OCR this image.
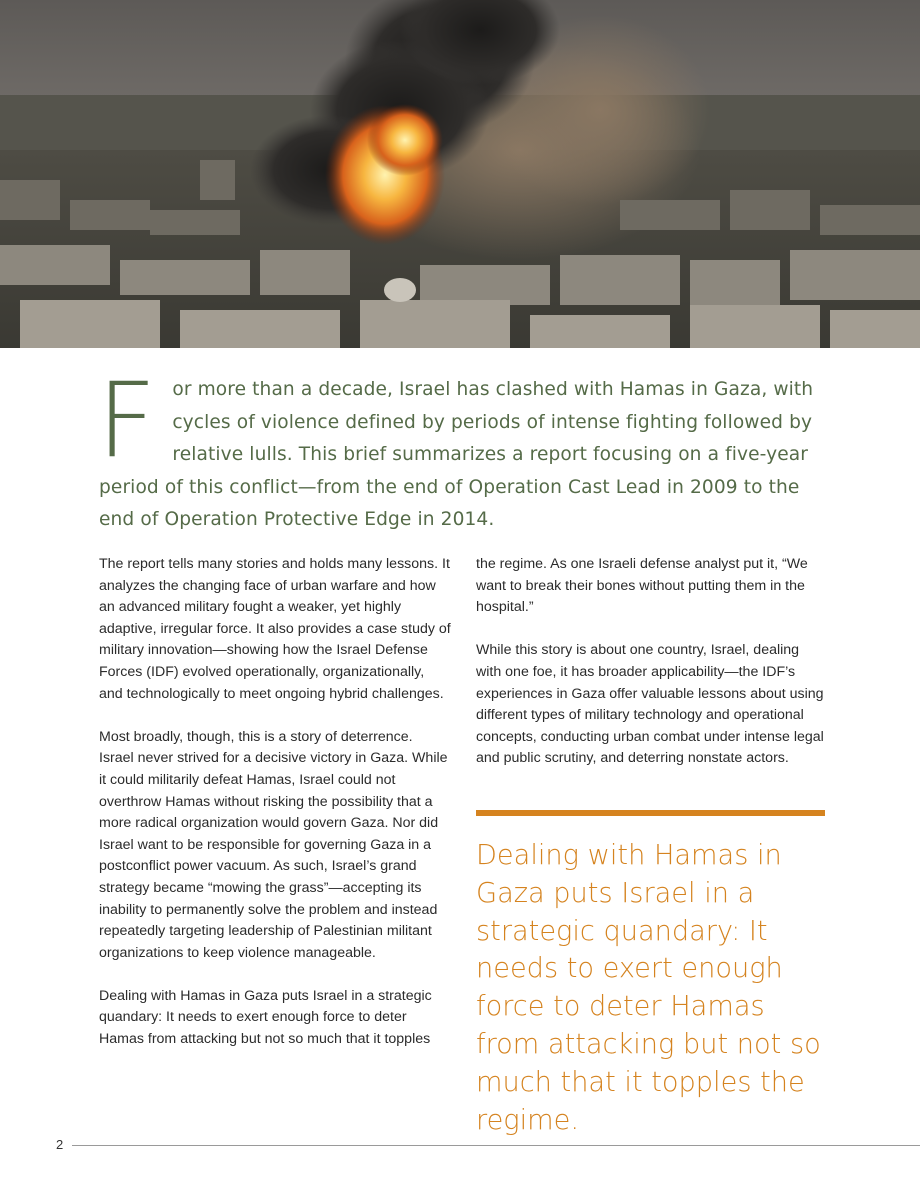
For more than a decade, Israel has clashed with Hamas in Gaza, with cycles of violence defined by periods of intense fighting followed by relative lulls. This brief summarizes a report focusing on a five-year period of this conflict—from the end of Operation Cast Lead in 2009 to the end of Operation Protective Edge in 2014.

The report tells many stories and holds many lessons. It analyzes the changing face of urban warfare and how an advanced military fought a weaker, yet highly adaptive, irregular force. It also provides a case study of military innovation—showing how the Israel Defense Forces (IDF) evolved operationally, organizationally, and technologically to meet ongoing hybrid challenges.

Most broadly, though, this is a story of deterrence. Israel never strived for a decisive victory in Gaza. While it could militarily defeat Hamas, Israel could not overthrow Hamas without risking the possibility that a more radical organization would govern Gaza. Nor did Israel want to be responsible for governing Gaza in a postconflict power vacuum. As such, Israel’s grand strategy became “mowing the grass”—accepting its inability to permanently solve the problem and instead repeatedly targeting leadership of Palestinian militant organizations to keep violence manageable.

Dealing with Hamas in Gaza puts Israel in a strategic quandary: It needs to exert enough force to deter Hamas from attacking but not so much that it topples

the regime. As one Israeli defense analyst put it, “We want to break their bones without putting them in the hospital.”

While this story is about one country, Israel, dealing with one foe, it has broader applicability—the IDF’s experiences in Gaza offer valuable lessons about using different types of military technology and operational concepts, conducting urban combat under intense legal and public scrutiny, and deterring nonstate actors.

Dealing with Hamas in Gaza puts Israel in a strategic quandary: It needs to exert enough force to deter Hamas from attacking but not so much that it topples the regime.
2
